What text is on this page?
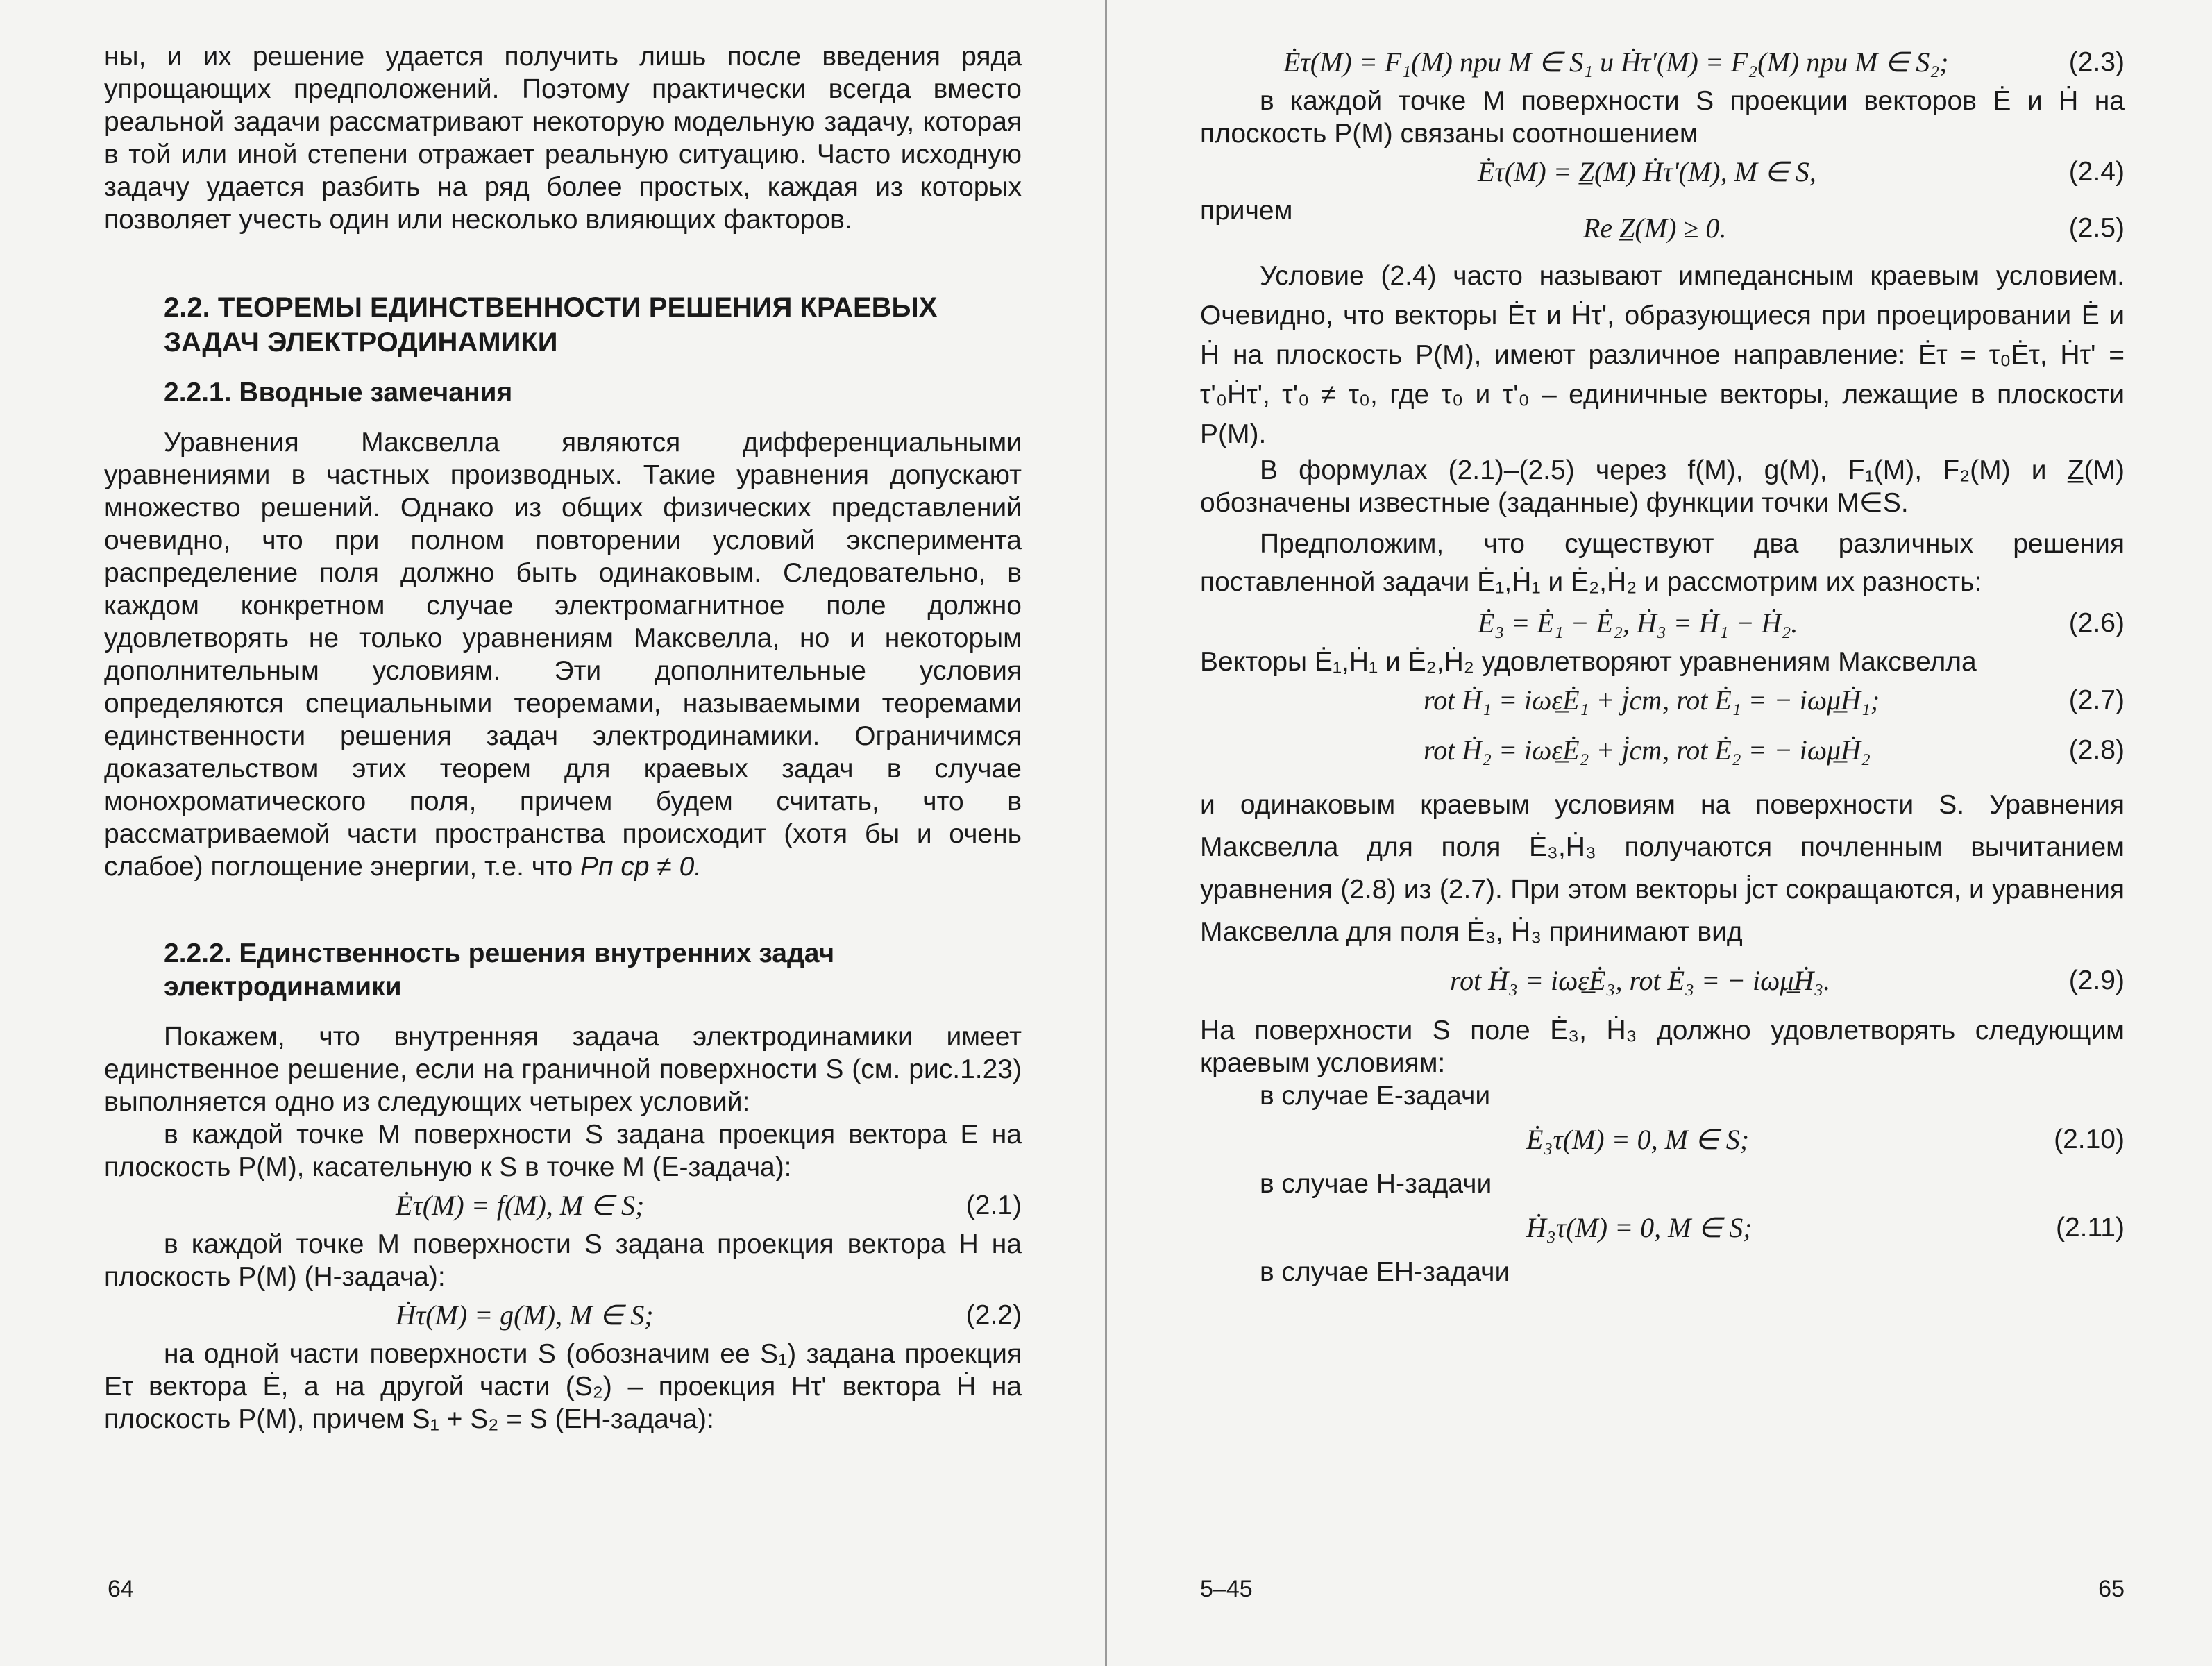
ны, и их решение удается получить лишь после введения ряда упрощающих предположений. Поэтому практически всегда вместо реальной задачи рассматривают некоторую модельную задачу, которая в той или иной степени отражает реальную ситуацию. Часто исходную задачу удается разбить на ряд более простых, каждая из которых позволяет учесть один или несколько влияющих факторов.

2.2. ТЕОРЕМЫ ЕДИНСТВЕННОСТИ РЕШЕНИЯ КРАЕВЫХ ЗАДАЧ ЭЛЕКТРОДИНАМИКИ
2.2.1. Вводные замечания

Уравнения Максвелла являются дифференциальными уравнениями в частных производных. Такие уравнения допускают множество решений. Однако из общих физических представлений очевидно, что при полном повторении условий эксперимента распределение поля должно быть одинаковым. Следовательно, в каждом конкретном случае электромагнитное поле должно удовлетворять не только уравнениям Максвелла, но и некоторым дополнительным условиям. Эти дополнительные условия определяются специальными теоремами, называемыми теоремами единственности решения задач электродинамики. Ограничимся доказательством этих теорем для краевых задач в случае монохроматического поля, причем будем считать, что в рассматриваемой части пространства происходит (хотя бы и очень слабое) поглощение энергии, т.е. что Pп ср ≠ 0.

2.2.2. Единственность решения внутренних задач электродинамики

Покажем, что внутренняя задача электродинамики имеет единственное решение, если на граничной поверхности S (см. рис.1.23) выполняется одно из следующих четырех условий:

в каждой точке M поверхности S задана проекция вектора E на плоскость P(M), касательную к S в точке M (E-задача):

Ėτ(M) = f(M), M ∈ S;	(2.1)

в каждой точке M поверхности S задана проекция вектора H на плоскость P(M) (H-задача):

Ḣτ(M) = g(M), M ∈ S;	(2.2)

на одной части поверхности S (обозначим ее S₁) задана проекция Eτ вектора Ė, а на другой части (S₂) – проекция Hτ' вектора Ḣ на плоскость P(M), причем S₁ + S₂ = S (EH-задача):

64
Ėτ(M) = F₁(M) при M ∈ S₁ и Ḣτ'(M) = F₂(M) при M ∈ S₂;	(2.3)

в каждой точке M поверхности S проекции векторов Ė и Ḣ на плоскость P(M) связаны соотношением

Ėτ(M) = Z̲(M) Ḣτ'(M), M ∈ S,	(2.4)

причем

Re Z̲(M) ≥ 0.	(2.5)

Условие (2.4) часто называют импедансным краевым условием. Очевидно, что векторы Ėτ и Ḣτ', образующиеся при проецировании Ė и Ḣ на плоскость P(M), имеют различное направление: Ėτ = τ₀Ėτ, Ḣτ' = τ'₀Ḣτ', τ'₀ ≠ τ₀, где τ₀ и τ'₀ – единичные векторы, лежащие в плоскости P(M).

В формулах (2.1)–(2.5) через f(M), g(M), F₁(M), F₂(M) и Z̲(M) обозначены известные (заданные) функции точки M∈S.

Предположим, что существуют два различных решения поставленной задачи Ė₁,Ḣ₁ и Ė₂,Ḣ₂ и рассмотрим их разность:

Ė₃ = Ė₁ − Ė₂, Ḣ₃ = Ḣ₁ − Ḣ₂.	(2.6)

Векторы Ė₁,Ḣ₁ и Ė₂,Ḣ₂ удовлетворяют уравнениям Максвелла

rot Ḣ₁ = iωε̲Ė₁ + j̇ст, rot Ė₁ = − iωμ̲Ḣ₁;	(2.7)
rot Ḣ₂ = iωε̲Ė₂ + j̇ст, rot Ė₂ = − iωμ̲Ḣ₂	(2.8)

и одинаковым краевым условиям на поверхности S. Уравнения Максвелла для поля Ė₃,Ḣ₃ получаются почленным вычитанием уравнения (2.8) из (2.7). При этом векторы j̇ст сокращаются, и уравнения Максвелла для поля Ė₃, Ḣ₃ принимают вид

rot Ḣ₃ = iωε̲Ė₃, rot Ė₃ = − iωμ̲Ḣ₃.	(2.9)

На поверхности S поле Ė₃, Ḣ₃ должно удовлетворять следующим краевым условиям:

в случае E-задачи

Ė₃τ(M) = 0, M ∈ S;	(2.10)

в случае H-задачи

Ḣ₃τ(M) = 0, M ∈ S;	(2.11)

в случае EH-задачи

5–45	65
